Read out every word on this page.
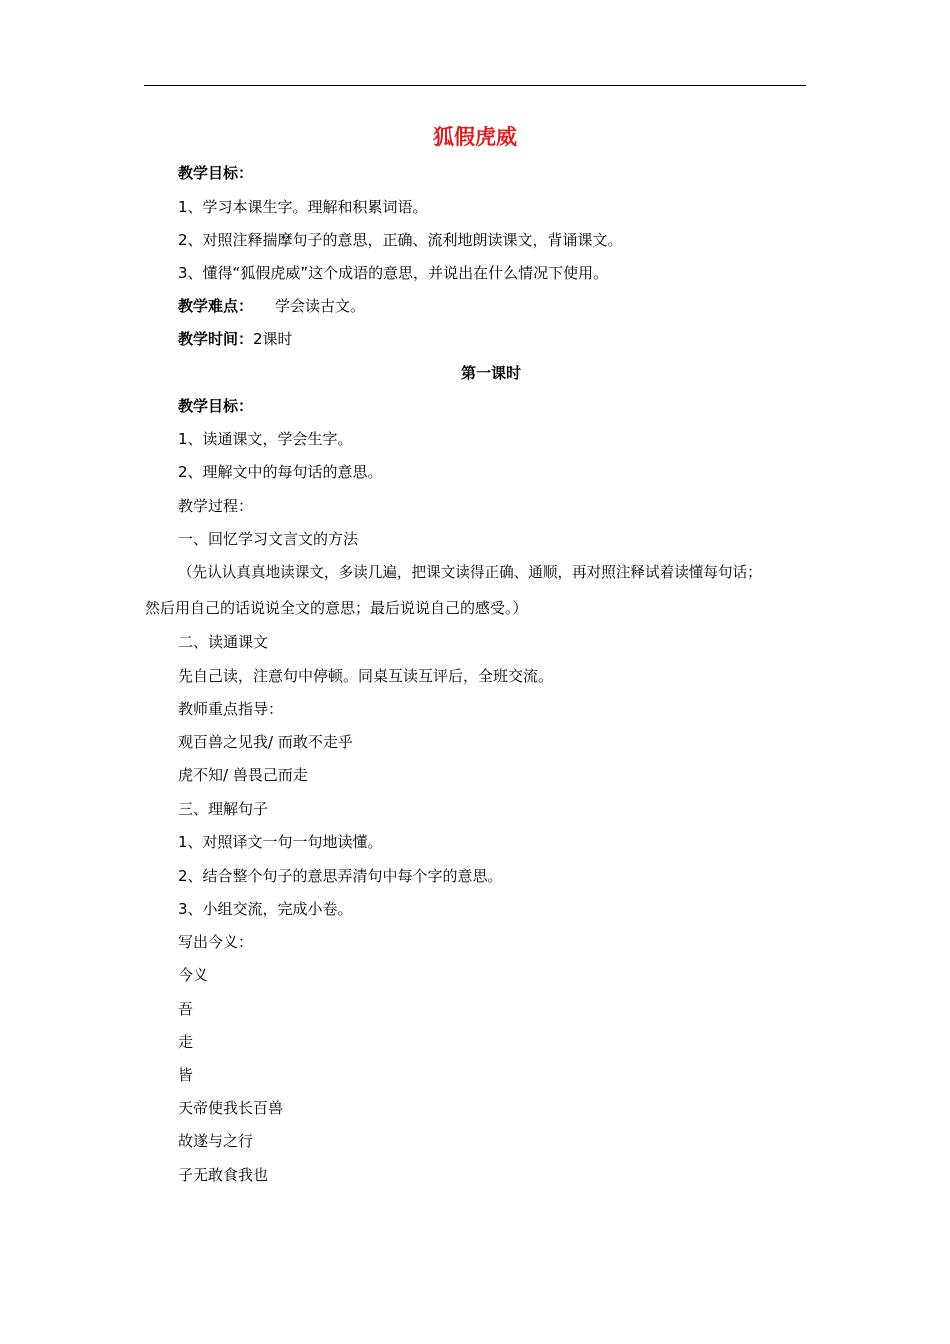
狐假虎威
教学目标：
1、学习本课生字。理解和积累词语。
2、对照注释揣摩句子的意思，正确、流利地朗读课文，背诵课文。
3、懂得“狐假虎威”这个成语的意思，并说出在什么情况下使用。
教学难点： 学会读古文。
教学时间：2课时
第一课时
教学目标：
1、读通课文，学会生字。
2、理解文中的每句话的意思。
教学过程：
一、回忆学习文言文的方法
（先认认真真地读课文，多读几遍，把课文读得正确、通顺，再对照注释试着读懂每句话；
然后用自己的话说说全文的意思；最后说说自己的感受。）
二、读通课文
先自己读，注意句中停顿。同桌互读互评后，全班交流。
教师重点指导：
观百兽之见我/ 而敢不走乎
虎不知/ 兽畏己而走
三、理解句子
1、对照译文一句一句地读懂。
2、结合整个句子的意思弄清句中每个字的意思。
3、小组交流，完成小卷。
写出今义：
今义
吾
走
皆
天帝使我长百兽
故遂与之行
子无敢食我也
